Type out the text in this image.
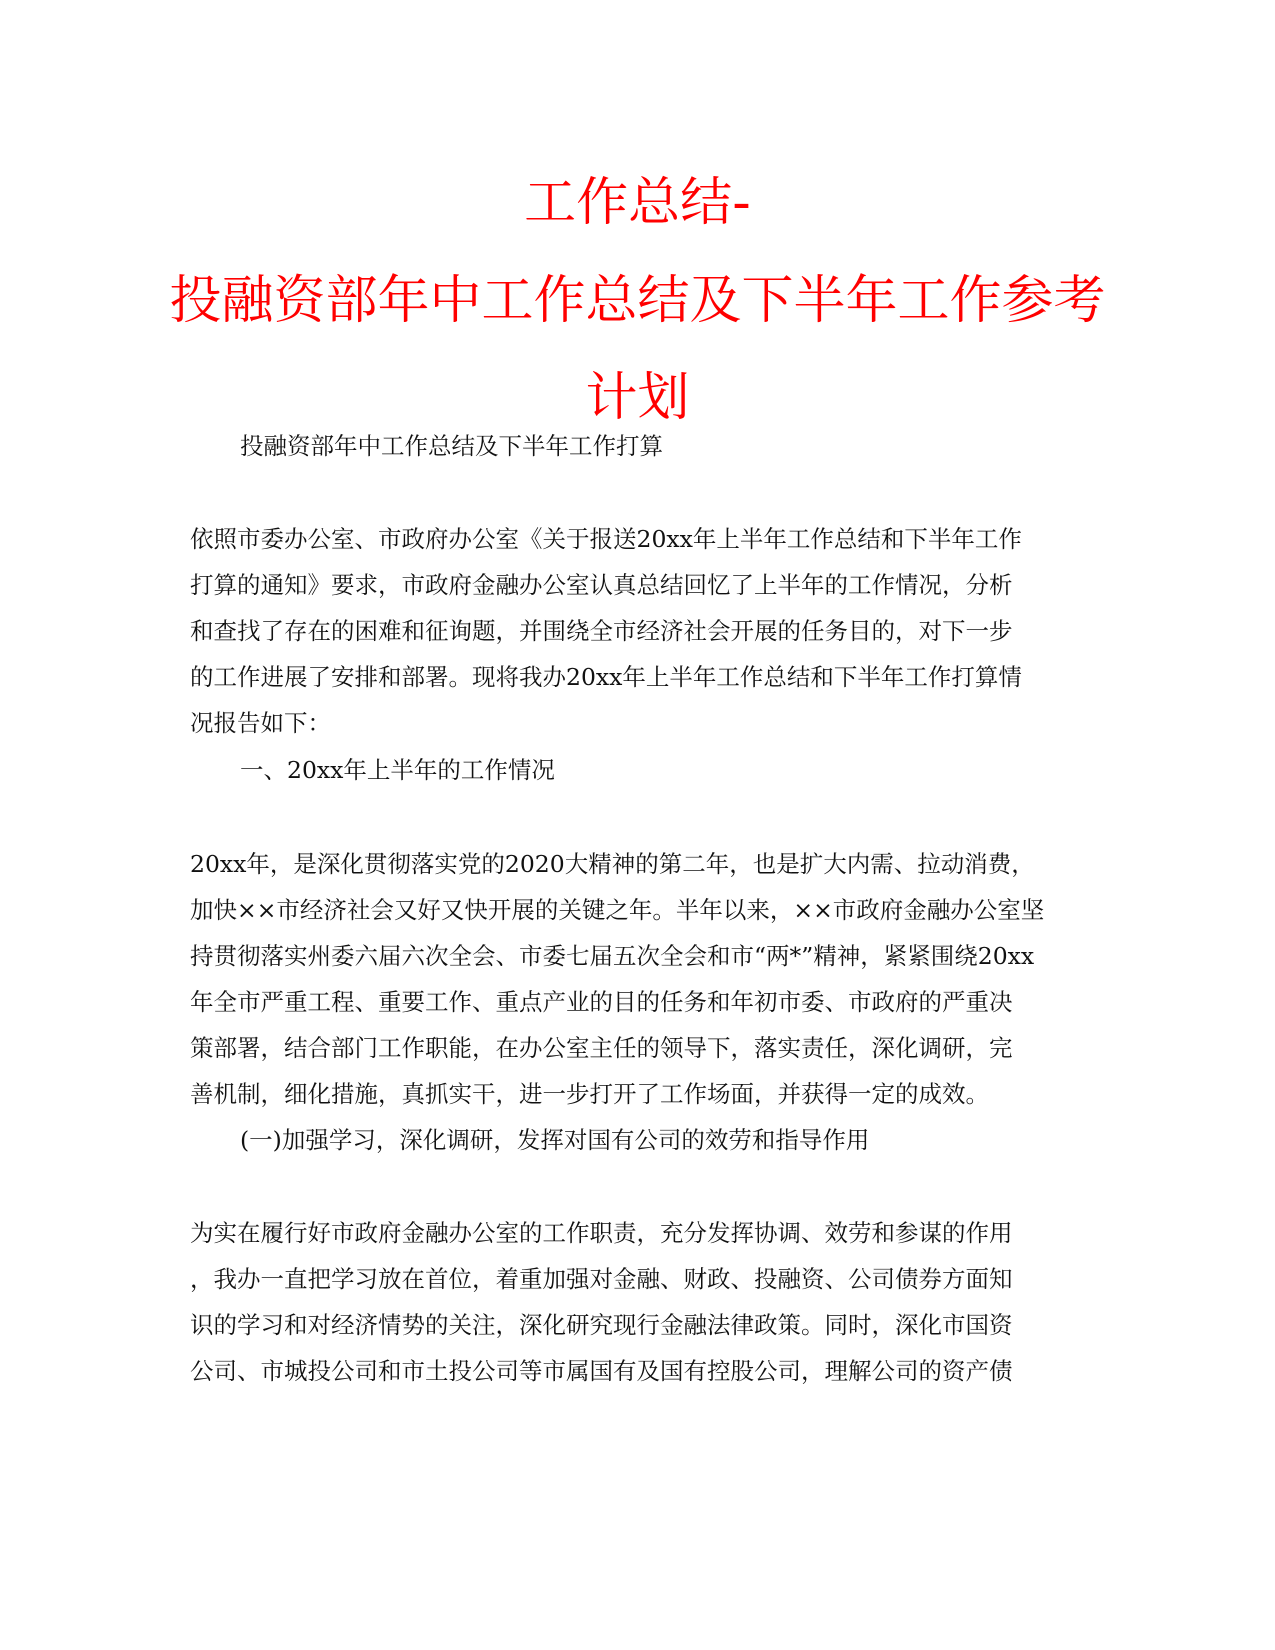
工作总结-
投融资部年中工作总结及下半年工作参考
计划
投融资部年中工作总结及下半年工作打算
依照市委办公室、市政府办公室《关于报送20xx年上半年工作总结和下半年工作
打算的通知》要求，市政府金融办公室认真总结回忆了上半年的工作情况，分析
和查找了存在的困难和征询题，并围绕全市经济社会开展的任务目的，对下一步
的工作进展了安排和部署。现将我办20xx年上半年工作总结和下半年工作打算情
况报告如下：
一、20xx年上半年的工作情况
20xx年，是深化贯彻落实党的2020大精神的第二年，也是扩大内需、拉动消费，
加快××市经济社会又好又快开展的关键之年。半年以来，××市政府金融办公室坚
持贯彻落实州委六届六次全会、市委七届五次全会和市“两*”精神，紧紧围绕20xx
年全市严重工程、重要工作、重点产业的目的任务和年初市委、市政府的严重决
策部署，结合部门工作职能，在办公室主任的领导下，落实责任，深化调研，完
善机制，细化措施，真抓实干，进一步打开了工作场面，并获得一定的成效。
(一)加强学习，深化调研，发挥对国有公司的效劳和指导作用
为实在履行好市政府金融办公室的工作职责，充分发挥协调、效劳和参谋的作用
，我办一直把学习放在首位，着重加强对金融、财政、投融资、公司债券方面知
识的学习和对经济情势的关注，深化研究现行金融法律政策。同时，深化市国资
公司、市城投公司和市土投公司等市属国有及国有控股公司，理解公司的资产债
